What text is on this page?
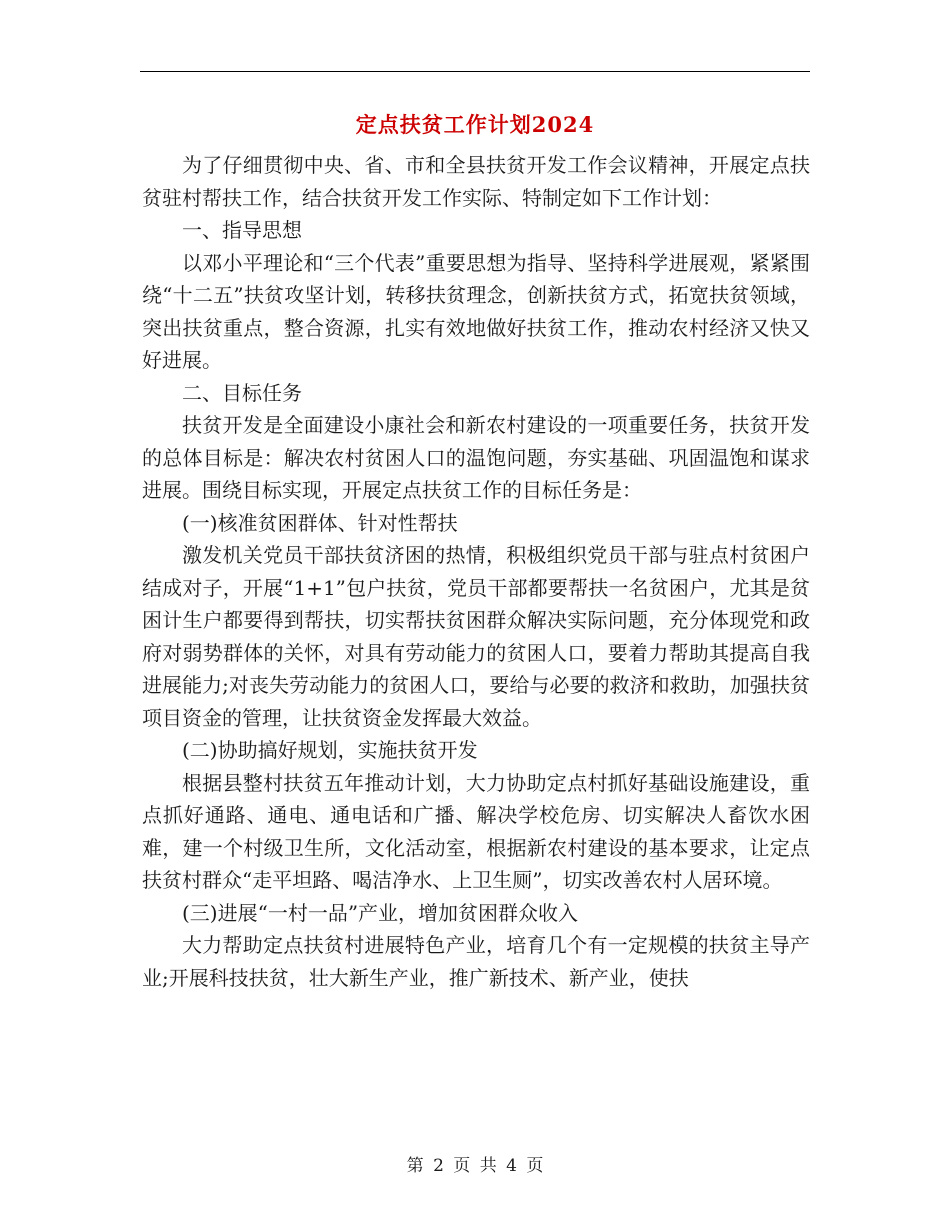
定点扶贫工作计划2024

为了仔细贯彻中央、省、市和全县扶贫开发工作会议精神，开展定点扶贫驻村帮扶工作，结合扶贫开发工作实际、特制定如下工作计划：

一、指导思想

以邓小平理论和“三个代表”重要思想为指导、坚持科学进展观，紧紧围绕“十二五”扶贫攻坚计划，转移扶贫理念，创新扶贫方式，拓宽扶贫领域，突出扶贫重点，整合资源，扎实有效地做好扶贫工作，推动农村经济又快又好进展。

二、目标任务

扶贫开发是全面建设小康社会和新农村建设的一项重要任务，扶贫开发的总体目标是：解决农村贫困人口的温饱问题，夯实基础、巩固温饱和谋求进展。围绕目标实现，开展定点扶贫工作的目标任务是：

(一)核准贫困群体、针对性帮扶

激发机关党员干部扶贫济困的热情，积极组织党员干部与驻点村贫困户结成对子，开展“1+1”包户扶贫，党员干部都要帮扶一名贫困户，尤其是贫困计生户都要得到帮扶，切实帮扶贫困群众解决实际问题，充分体现党和政府对弱势群体的关怀，对具有劳动能力的贫困人口，要着力帮助其提高自我进展能力;对丧失劳动能力的贫困人口，要给与必要的救济和救助，加强扶贫项目资金的管理，让扶贫资金发挥最大效益。

(二)协助搞好规划，实施扶贫开发

根据县整村扶贫五年推动计划，大力协助定点村抓好基础设施建设，重点抓好通路、通电、通电话和广播、解决学校危房、切实解决人畜饮水困难，建一个村级卫生所，文化活动室，根据新农村建设的基本要求，让定点扶贫村群众“走平坦路、喝洁净水、上卫生厕”，切实改善农村人居环境。

(三)进展“一村一品”产业，增加贫困群众收入

大力帮助定点扶贫村进展特色产业，培育几个有一定规模的扶贫主导产业;开展科技扶贫，壮大新生产业，推广新技术、新产业，使扶

第 2 页 共 4 页
